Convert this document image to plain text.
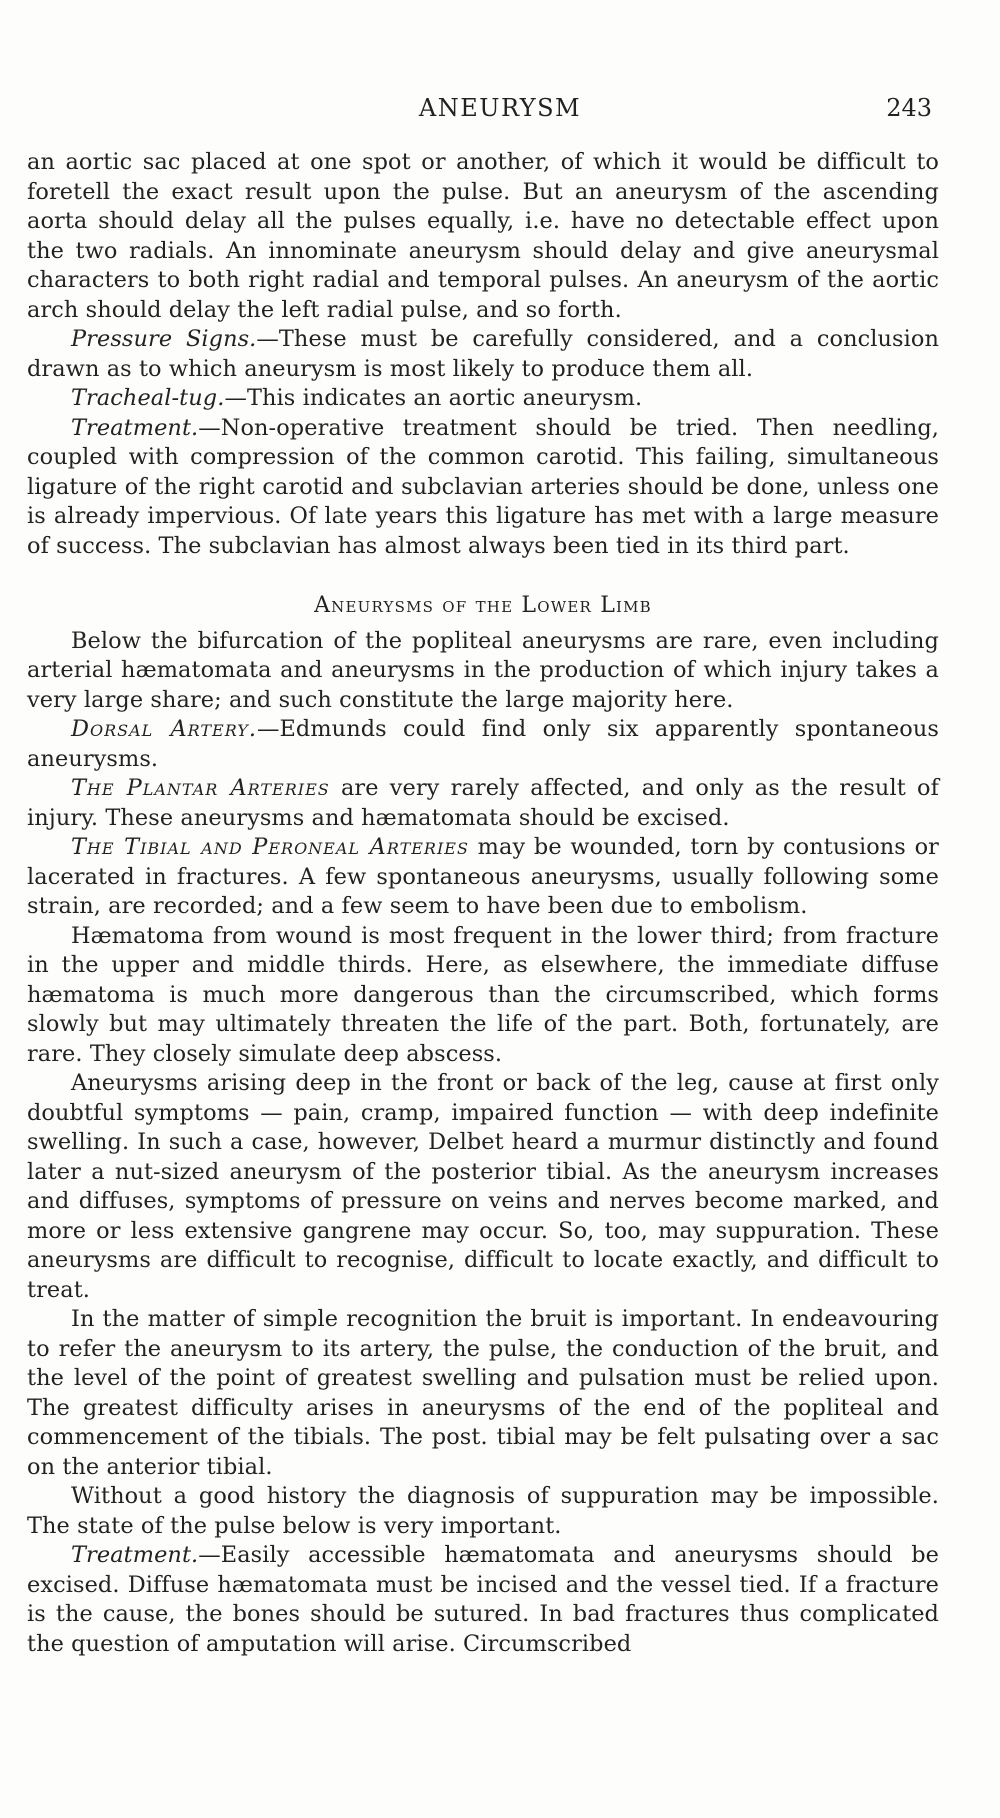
ANEURYSM	243

an aortic sac placed at one spot or another, of which it would be difficult to foretell the exact result upon the pulse. But an aneurysm of the ascending aorta should delay all the pulses equally, i.e. have no detectable effect upon the two radials. An innominate aneurysm should delay and give aneurysmal characters to both right radial and temporal pulses. An aneurysm of the aortic arch should delay the left radial pulse, and so forth.

Pressure Signs.—These must be carefully considered, and a conclusion drawn as to which aneurysm is most likely to produce them all.

Tracheal-tug.—This indicates an aortic aneurysm.

Treatment.—Non-operative treatment should be tried. Then needling, coupled with compression of the common carotid. This failing, simultaneous ligature of the right carotid and subclavian arteries should be done, unless one is already impervious. Of late years this ligature has met with a large measure of success. The subclavian has almost always been tied in its third part.

Aneurysms of the Lower Limb

Below the bifurcation of the popliteal aneurysms are rare, even including arterial hæmatomata and aneurysms in the production of which injury takes a very large share; and such constitute the large majority here.

Dorsal Artery.—Edmunds could find only six apparently spontaneous aneurysms.

The Plantar Arteries are very rarely affected, and only as the result of injury. These aneurysms and hæmatomata should be excised.

The Tibial and Peroneal Arteries may be wounded, torn by contusions or lacerated in fractures. A few spontaneous aneurysms, usually following some strain, are recorded; and a few seem to have been due to embolism.

Hæmatoma from wound is most frequent in the lower third; from fracture in the upper and middle thirds. Here, as elsewhere, the immediate diffuse hæmatoma is much more dangerous than the circumscribed, which forms slowly but may ultimately threaten the life of the part. Both, fortunately, are rare. They closely simulate deep abscess.

Aneurysms arising deep in the front or back of the leg, cause at first only doubtful symptoms — pain, cramp, impaired function — with deep indefinite swelling. In such a case, however, Delbet heard a murmur distinctly and found later a nut-sized aneurysm of the posterior tibial. As the aneurysm increases and diffuses, symptoms of pressure on veins and nerves become marked, and more or less extensive gangrene may occur. So, too, may suppuration. These aneurysms are difficult to recognise, difficult to locate exactly, and difficult to treat.

In the matter of simple recognition the bruit is important. In endeavouring to refer the aneurysm to its artery, the pulse, the conduction of the bruit, and the level of the point of greatest swelling and pulsation must be relied upon. The greatest difficulty arises in aneurysms of the end of the popliteal and commencement of the tibials. The post. tibial may be felt pulsating over a sac on the anterior tibial.

Without a good history the diagnosis of suppuration may be impossible. The state of the pulse below is very important.

Treatment.—Easily accessible hæmatomata and aneurysms should be excised. Diffuse hæmatomata must be incised and the vessel tied. If a fracture is the cause, the bones should be sutured. In bad fractures thus complicated the question of amputation will arise. Circumscribed
